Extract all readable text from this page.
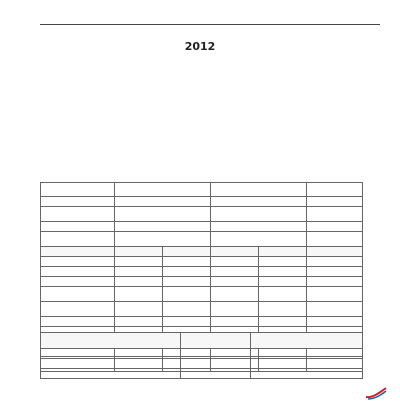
2012
